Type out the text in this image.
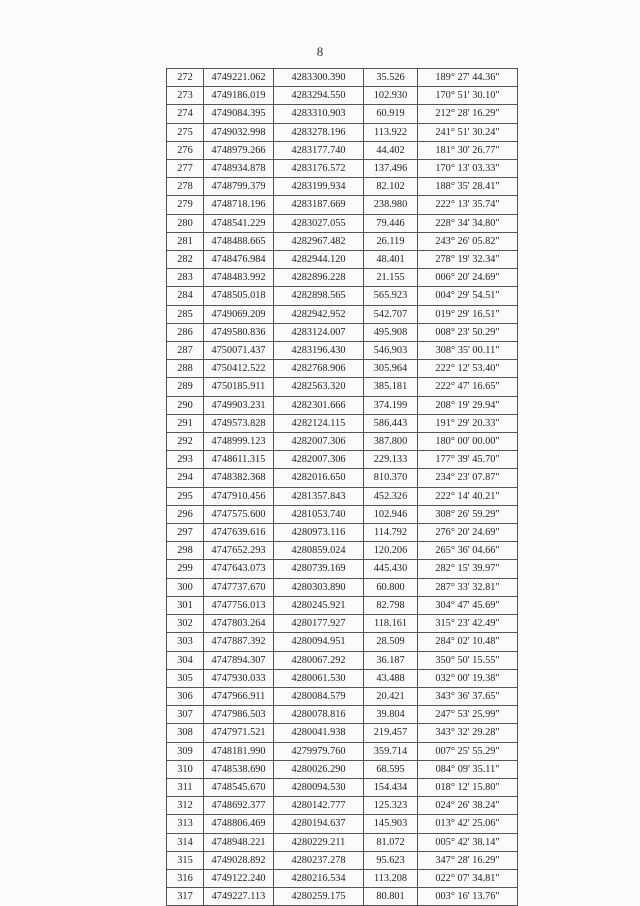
8
272	4749221.062	4283300.390	35.526	189° 27' 44.36"
273	4749186.019	4283294.550	102.930	170° 51' 30.10"
274	4749084.395	4283310.903	60.919	212° 28' 16.29"
275	4749032.998	4283278.196	113.922	241° 51' 30.24"
276	4748979.266	4283177.740	44.402	181° 30' 26.77"
277	4748934.878	4283176.572	137.496	170° 13' 03.33"
278	4748799.379	4283199.934	82.102	188° 35' 28.41"
279	4748718.196	4283187.669	238.980	222° 13' 35.74"
280	4748541.229	4283027.055	79.446	228° 34' 34.80"
281	4748488.665	4282967.482	26.119	243° 26' 05.82"
282	4748476.984	4282944.120	48.401	278° 19' 32.34"
283	4748483.992	4282896.228	21.155	006° 20' 24.69"
284	4748505.018	4282898.565	565.923	004° 29' 54.51"
285	4749069.209	4282942.952	542.707	019° 29' 16.51"
286	4749580.836	4283124.007	495.908	008° 23' 50.29"
287	4750071.437	4283196.430	546.903	308° 35' 00.11"
288	4750412.522	4282768.906	305.964	222° 12' 53.40"
289	4750185.911	4282563.320	385.181	222° 47' 16.65"
290	4749903.231	4282301.666	374.199	208° 19' 29.94"
291	4749573.828	4282124.115	586.443	191° 29' 20.33"
292	4748999.123	4282007.306	387.800	180° 00' 00.00"
293	4748611.315	4282007.306	229.133	177° 39' 45.70"
294	4748382.368	4282016.650	810.370	234° 23' 07.87"
295	4747910.456	4281357.843	452.326	222° 14' 40.21"
296	4747575.600	4281053.740	102.946	308° 26' 59.29"
297	4747639.616	4280973.116	114.792	276° 20' 24.69"
298	4747652.293	4280859.024	120.206	265° 36' 04.66"
299	4747643.073	4280739.169	445.430	282° 15' 39.97"
300	4747737.670	4280303.890	60.800	287° 33' 32.81"
301	4747756.013	4280245.921	82.798	304° 47' 45.69"
302	4747803.264	4280177.927	118.161	315° 23' 42.49"
303	4747887.392	4280094.951	28.509	284° 02' 10.48"
304	4747894.307	4280067.292	36.187	350° 50' 15.55"
305	4747930.033	4280061.530	43.488	032° 00' 19.38"
306	4747966.911	4280084.579	20.421	343° 36' 37.65"
307	4747986.503	4280078.816	39.804	247° 53' 25.99"
308	4747971.521	4280041.938	219.457	343° 32' 29.28"
309	4748181.990	4279979.760	359.714	007° 25' 55.29"
310	4748538.690	4280026.290	68.595	084° 09' 35.11"
311	4748545.670	4280094.530	154.434	018° 12' 15.80"
312	4748692.377	4280142.777	125.323	024° 26' 38.24"
313	4748806.469	4280194.637	145.903	013° 42' 25.06"
314	4748948.221	4280229.211	81.072	005° 42' 38.14"
315	4749028.892	4280237.278	95.623	347° 28' 16.29"
316	4749122.240	4280216.534	113.208	022° 07' 34.81"
317	4749227.113	4280259.175	80.801	003° 16' 13.76"
